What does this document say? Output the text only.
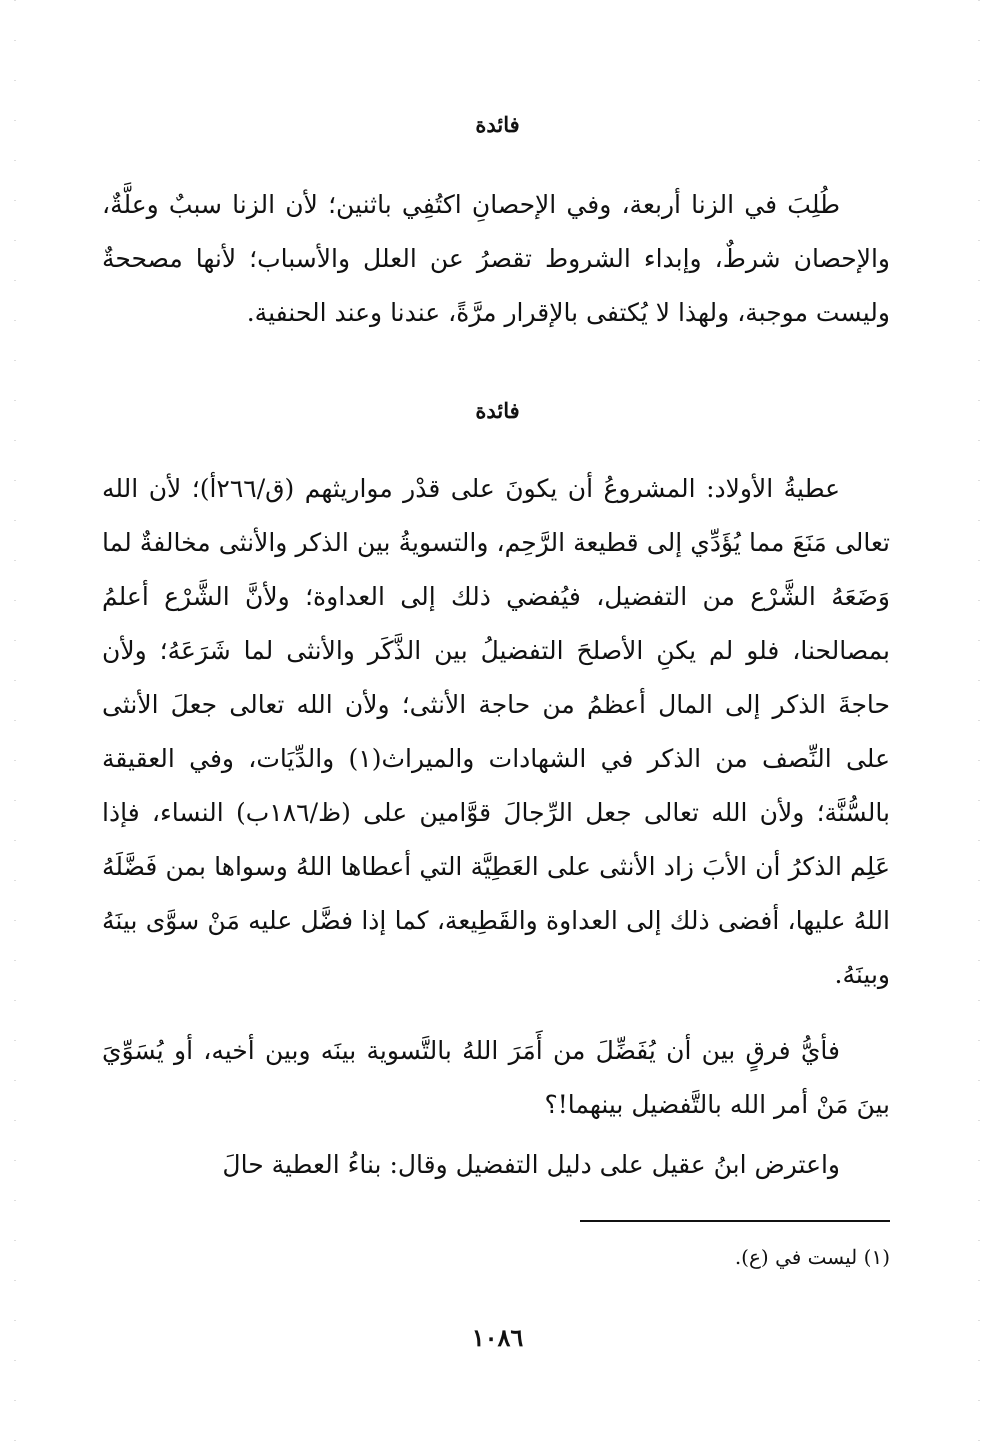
فائدة

طُلِبَ في الزنا أربعة، وفي الإحصانِ اكتُفِي باثنين؛ لأن الزنا سببٌ وعلَّةٌ، والإحصان شرطٌ، وإبداء الشروط تقصرُ عن العلل والأسباب؛ لأنها مصححةٌ وليست موجبة، ولهذا لا يُكتفى بالإقرار مرَّةً، عندنا وعند الحنفية.

فائدة

عطيةُ الأولاد: المشروعُ أن يكونَ على قدْر مواريثهم (ق/٢٦٦أ)؛ لأن الله تعالى مَنَعَ مما يُؤَدِّي إلى قطيعة الرَّحِم، والتسويةُ بين الذكر والأنثى مخالفةٌ لما وَضَعَهُ الشَّرْع من التفضيل، فيُفضي ذلك إلى العداوة؛ ولأنَّ الشَّرْع أعلمُ بمصالحنا، فلو لم يكنِ الأصلحَ التفضيلُ بين الذَّكَر والأنثى لما شَرَعَهُ؛ ولأن حاجةَ الذكر إلى المال أعظمُ من حاجة الأنثى؛ ولأن الله تعالى جعلَ الأنثى على النِّصف من الذكر في الشهادات والميراث(١) والدِّيَات، وفي العقيقة بالسُّنَّة؛ ولأن الله تعالى جعل الرِّجالَ قوَّامين على (ظ/١٨٦ب) النساء، فإذا عَلِم الذكرُ أن الأبَ زاد الأنثى على العَطِيَّة التي أعطاها اللهُ وسواها بمن فَضَّلَهُ اللهُ عليها، أفضى ذلك إلى العداوة والقَطِيعة، كما إذا فضَّل عليه مَنْ سوَّى بينَهُ وبينَهُ.

فأيُّ فرقٍ بين أن يُفَضِّلَ من أَمَرَ اللهُ بالتَّسوية بينَه وبين أخيه، أو يُسَوِّيَ بينَ مَنْ أمر الله بالتَّفضيل بينهما!؟

واعترض ابنُ عقيل على دليل التفضيل وقال: بناءُ العطية حالَ

(١) ليست في (ع).

١٠٨٦
